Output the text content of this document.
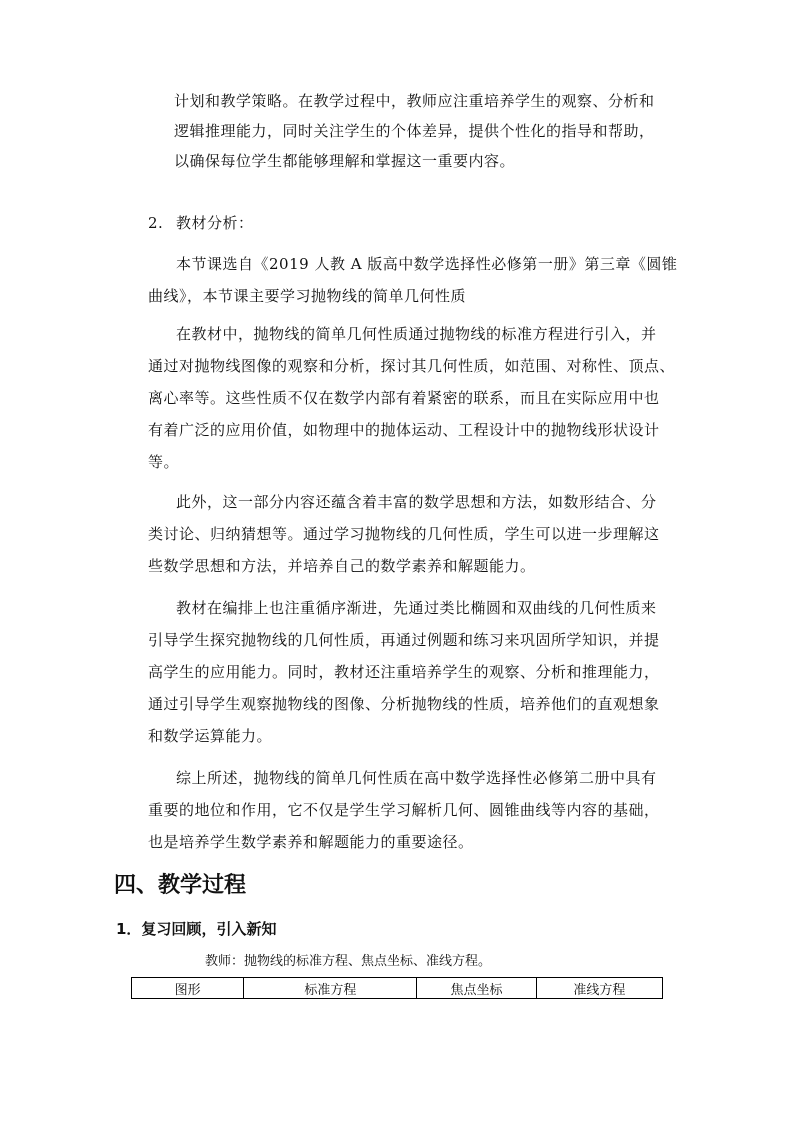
计划和教学策略。在教学过程中，教师应注重培养学生的观察、分析和
逻辑推理能力，同时关注学生的个体差异，提供个性化的指导和帮助，
以确保每位学生都能够理解和掌握这一重要内容。
2. 教材分析：
本节课选自《2019 人教 A 版高中数学选择性必修第一册》第三章《圆锥
曲线》，本节课主要学习抛物线的简单几何性质
在教材中，抛物线的简单几何性质通过抛物线的标准方程进行引入，并
通过对抛物线图像的观察和分析，探讨其几何性质，如范围、对称性、顶点、
离心率等。这些性质不仅在数学内部有着紧密的联系，而且在实际应用中也
有着广泛的应用价值，如物理中的抛体运动、工程设计中的抛物线形状设计
等。
此外，这一部分内容还蕴含着丰富的数学思想和方法，如数形结合、分
类讨论、归纳猜想等。通过学习抛物线的几何性质，学生可以进一步理解这
些数学思想和方法，并培养自己的数学素养和解题能力。
教材在编排上也注重循序渐进，先通过类比椭圆和双曲线的几何性质来
引导学生探究抛物线的几何性质，再通过例题和练习来巩固所学知识，并提
高学生的应用能力。同时，教材还注重培养学生的观察、分析和推理能力，
通过引导学生观察抛物线的图像、分析抛物线的性质，培养他们的直观想象
和数学运算能力。
综上所述，抛物线的简单几何性质在高中数学选择性必修第二册中具有
重要的地位和作用，它不仅是学生学习解析几何、圆锥曲线等内容的基础，
也是培养学生数学素养和解题能力的重要途径。
四、教学过程
1．复习回顾，引入新知
教师：抛物线的标准方程、焦点坐标、准线方程。
图形	标准方程	焦点坐标	准线方程
